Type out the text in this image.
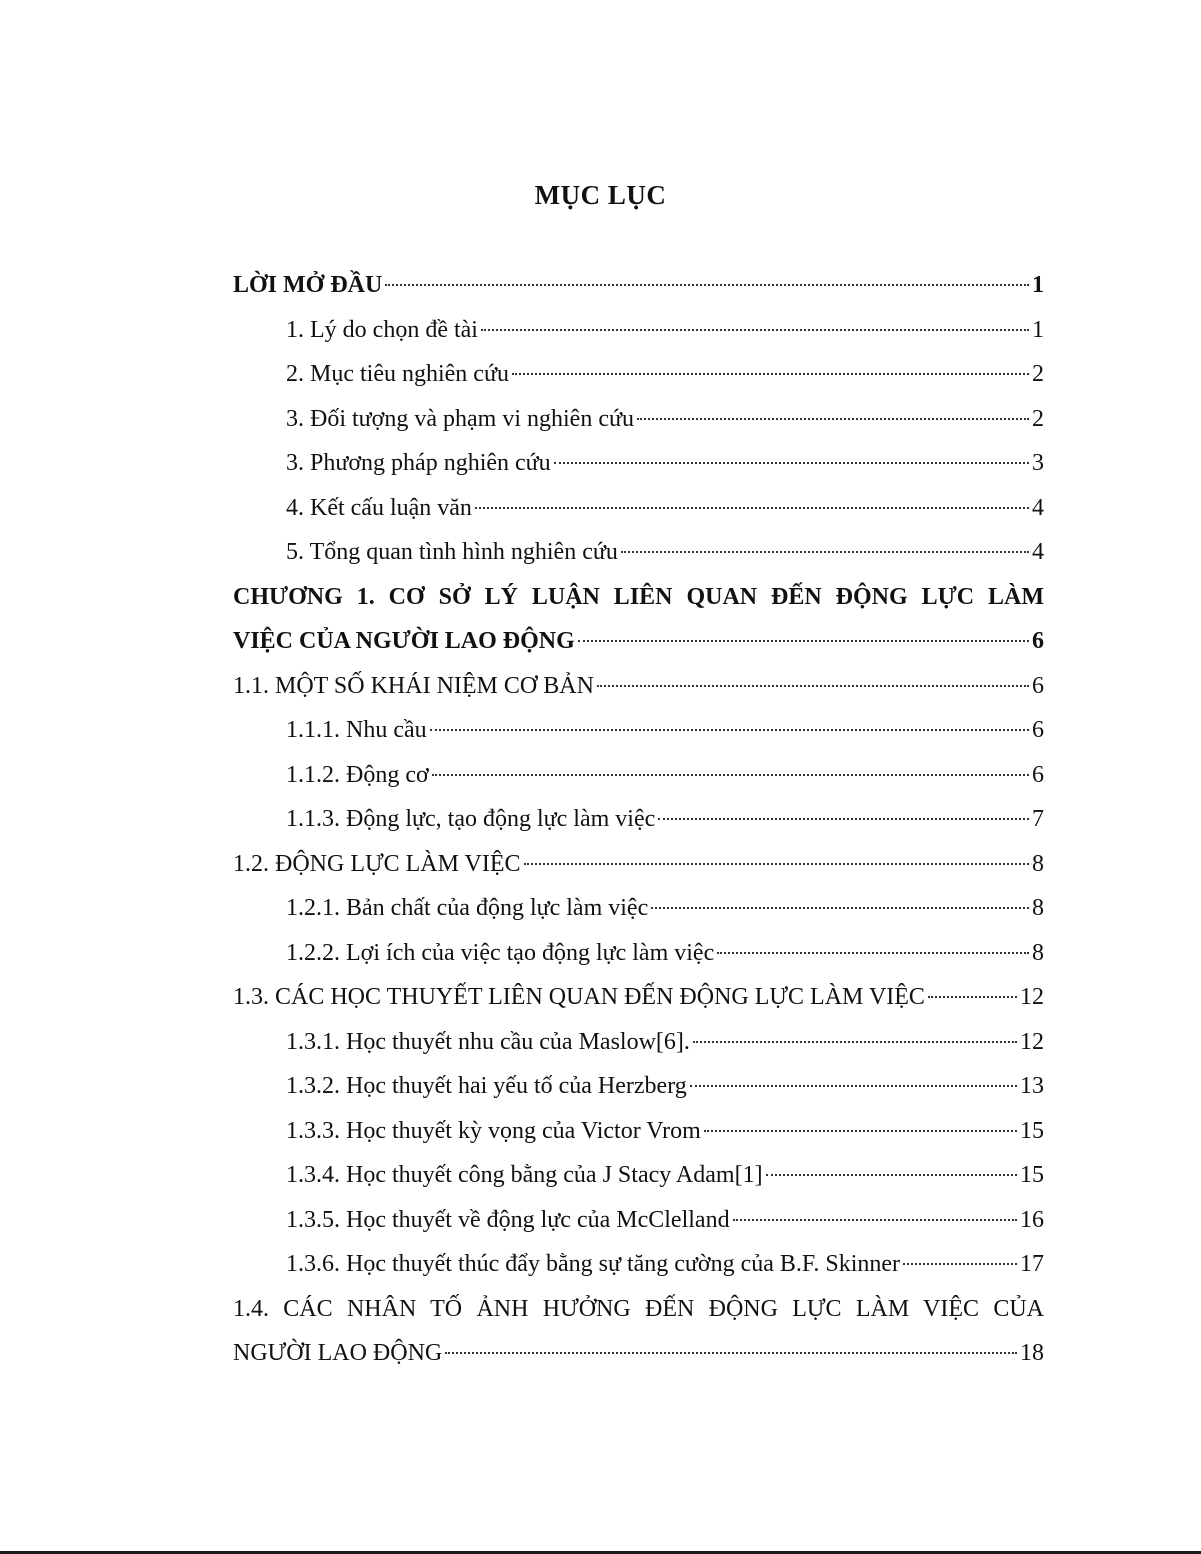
MỤC LỤC
LỜI MỞ ĐẦU	1
1. Lý do chọn đề tài	1
2. Mục tiêu nghiên cứu	2
3. Đối tượng và phạm vi nghiên cứu	2
3. Phương pháp nghiên cứu	3
4. Kết cấu luận văn	4
5. Tổng quan tình hình nghiên cứu	4
CHƯƠNG 1. CƠ SỞ LÝ LUẬN LIÊN QUAN ĐẾN ĐỘNG LỰC LÀM
VIỆC CỦA NGƯỜI LAO ĐỘNG	6
1.1. MỘT SỐ KHÁI NIỆM CƠ BẢN	6
1.1.1. Nhu cầu	6
1.1.2. Động cơ	6
1.1.3. Động lực, tạo động lực làm việc	7
1.2. ĐỘNG LỰC LÀM VIỆC	8
1.2.1. Bản chất của động lực làm việc	8
1.2.2. Lợi ích của việc tạo động lực làm việc	8
1.3. CÁC HỌC THUYẾT LIÊN QUAN ĐẾN ĐỘNG LỰC LÀM VIỆC	12
1.3.1. Học thuyết nhu cầu của Maslow[6].	12
1.3.2. Học thuyết hai yếu tố của Herzberg	13
1.3.3. Học thuyết kỳ vọng của Victor Vrom	15
1.3.4. Học thuyết công bằng của J Stacy Adam[1]	15
1.3.5. Học thuyết về động lực của McClelland	16
1.3.6. Học thuyết thúc đẩy bằng sự tăng cường của B.F. Skinner	17
1.4. CÁC NHÂN TỐ ẢNH HƯỞNG ĐẾN ĐỘNG LỰC LÀM VIỆC CỦA
NGƯỜI LAO ĐỘNG	18
